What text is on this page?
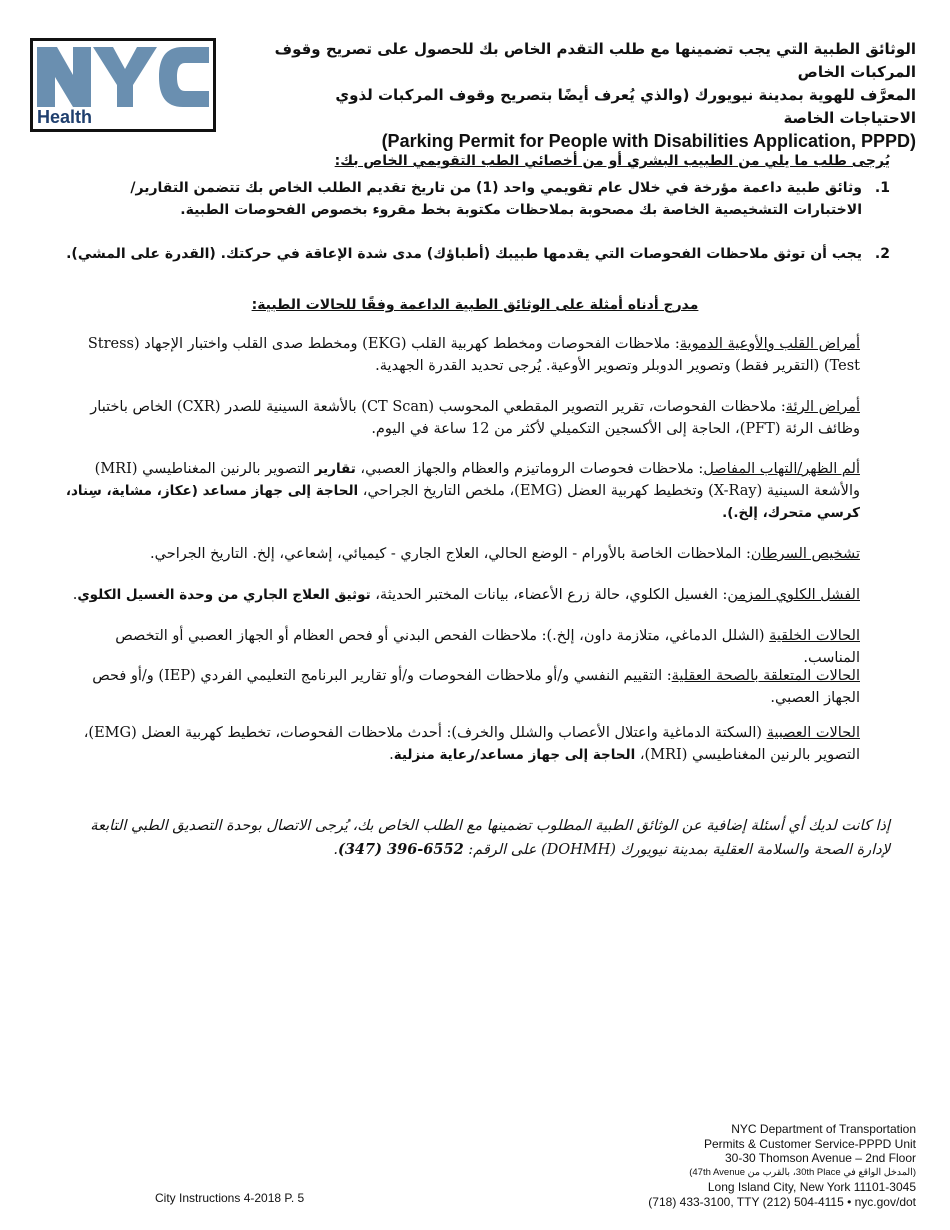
Health
الوثائق الطبية التي يجب تضمينها مع طلب التقدم الخاص بك للحصول على تصريح وقوف المركبات الخاص
المعرَّف للهوية بمدينة نيويورك (والذي يُعرف أيضًا بتصريح وقوف المركبات لذوي الاحتياجات الخاصة
(Parking Permit for People with Disabilities Application, PPPD)
يُرجى طلب ما يلي من الطبيب البشري أو من أخصائي الطب التقويمي الخاص بك:
1.وثائق طبية داعمة مؤرخة في خلال عام تقويمي واحد (1) من تاريخ تقديم الطلب الخاص بك تتضمن التقارير/الاختبارات التشخيصية الخاصة بك مصحوبة بملاحظات مكتوبة بخط مقروء بخصوص الفحوصات الطبية.
2.يجب أن توثق ملاحظات الفحوصات التي يقدمها طبيبك (أطباؤك) مدى شدة الإعاقة في حركتك. (القدرة على المشي).
مدرج أدناه أمثلة على الوثائق الطبية الداعمة وفقًا للحالات الطبية:
أمراض القلب والأوعية الدموية: ملاحظات الفحوصات ومخطط كهربية القلب (EKG) ومخطط صدى القلب واختبار الإجهاد (Stress Test) (التقرير فقط) وتصوير الدوبلر وتصوير الأوعية. يُرجى تحديد القدرة الجهدية.
أمراض الرئة: ملاحظات الفحوصات، تقرير التصوير المقطعي المحوسب (CT Scan) بالأشعة السينية للصدر (CXR) الخاص باختبار وظائف الرئة (PFT)، الحاجة إلى الأكسجين التكميلي لأكثر من 12 ساعة في اليوم.
ألم الظهر/التهاب المفاصل: ملاحظات فحوصات الروماتيزم والعظام والجهاز العصبي، تقارير التصوير بالرنين المغناطيسي (MRI) والأشعة السينية (X-Ray) وتخطيط كهربية العضل (EMG)، ملخص التاريخ الجراحي، الحاجة إلى جهاز مساعد (عكاز، مشاية، سِناد، كرسي متحرك، إلخ.).
تشخيص السرطان: الملاحظات الخاصة بالأورام - الوضع الحالي، العلاج الجاري - كيميائي، إشعاعي، إلخ. التاريخ الجراحي.
الفشل الكلوي المزمن: الغسيل الكلوي، حالة زرع الأعضاء، بيانات المختبر الحديثة، توثيق العلاج الجاري من وحدة الغسيل الكلوي.
الحالات الخلقية (الشلل الدماغي، متلازمة داون، إلخ.): ملاحظات الفحص البدني أو فحص العظام أو الجهاز العصبي أو التخصص المناسب.
الحالات المتعلقة بالصحة العقلية: التقييم النفسي و/أو ملاحظات الفحوصات و/أو تقارير البرنامج التعليمي الفردي (IEP) و/أو فحص الجهاز العصبي.
الحالات العصبية (السكتة الدماغية واعتلال الأعصاب والشلل والخرف): أحدث ملاحظات الفحوصات، تخطيط كهربية العضل (EMG)، التصوير بالرنين المغناطيسي (MRI)، الحاجة إلى جهاز مساعد/رعاية منزلية.
إذا كانت لديك أي أسئلة إضافية عن الوثائق الطبية المطلوب تضمينها مع الطلب الخاص بك، يُرجى الاتصال بوحدة التصديق الطبي التابعة لإدارة الصحة والسلامة العقلية بمدينة نيويورك (DOHMH) على الرقم: (347) 396-6552.
NYC Department of Transportation
Permits & Customer Service-PPPD Unit
30-30 Thomson Avenue – 2nd Floor
(المدخل الواقع في 30th Place، بالقرب من 47th Avenue)
Long Island City, New York 11101-3045
(718) 433-3100, TTY (212) 504-4115 • nyc.gov/dot
City Instructions 4-2018 P. 5
